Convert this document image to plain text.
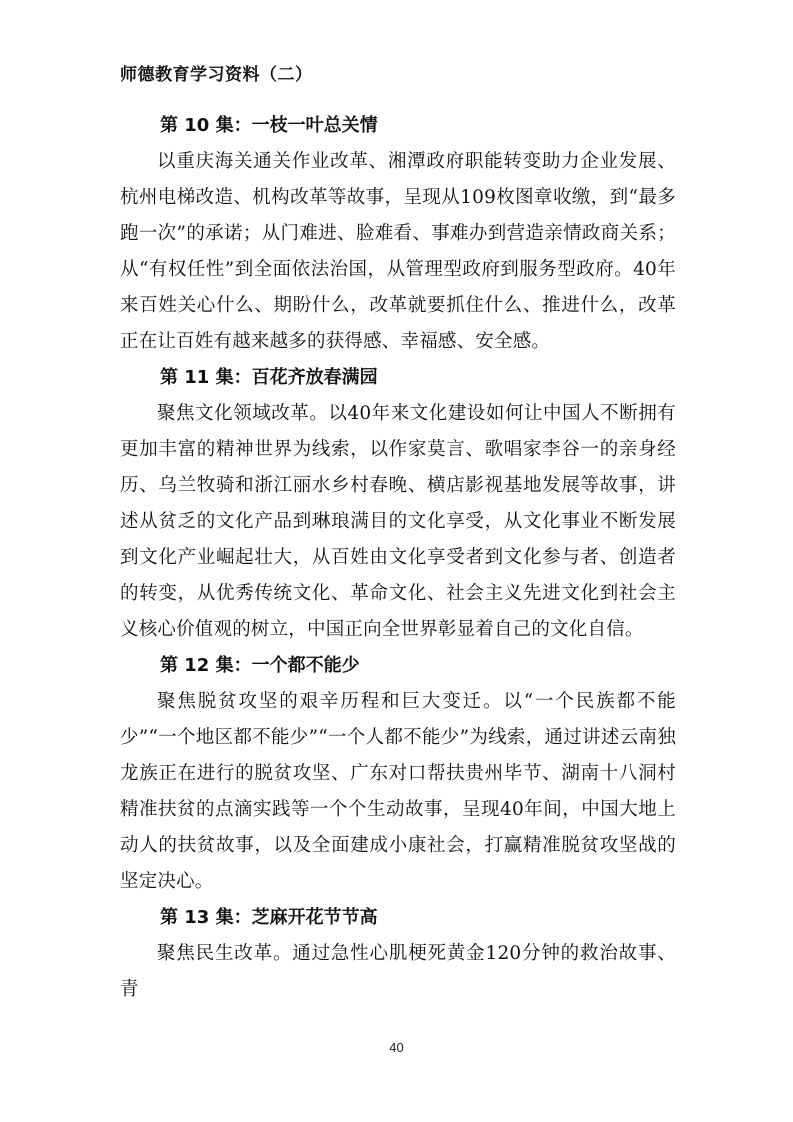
师德教育学习资料（二）
第 10 集：一枝一叶总关情

以重庆海关通关作业改革、湘潭政府职能转变助力企业发展、杭州电梯改造、机构改革等故事，呈现从109枚图章收缴，到“最多跑一次”的承诺；从门难进、脸难看、事难办到营造亲情政商关系；从“有权任性”到全面依法治国，从管理型政府到服务型政府。40年来百姓关心什么、期盼什么，改革就要抓住什么、推进什么，改革正在让百姓有越来越多的获得感、幸福感、安全感。

第 11 集：百花齐放春满园

聚焦文化领域改革。以40年来文化建设如何让中国人不断拥有更加丰富的精神世界为线索，以作家莫言、歌唱家李谷一的亲身经历、乌兰牧骑和浙江丽水乡村春晚、横店影视基地发展等故事，讲述从贫乏的文化产品到琳琅满目的文化享受，从文化事业不断发展到文化产业崛起壮大，从百姓由文化享受者到文化参与者、创造者的转变，从优秀传统文化、革命文化、社会主义先进文化到社会主义核心价值观的树立，中国正向全世界彰显着自己的文化自信。

第 12 集：一个都不能少

聚焦脱贫攻坚的艰辛历程和巨大变迁。以“一个民族都不能少”“一个地区都不能少”“一个人都不能少”为线索，通过讲述云南独龙族正在进行的脱贫攻坚、广东对口帮扶贵州毕节、湖南十八洞村精准扶贫的点滴实践等一个个生动故事，呈现40年间，中国大地上动人的扶贫故事，以及全面建成小康社会，打赢精准脱贫攻坚战的坚定决心。

第 13 集：芝麻开花节节高

聚焦民生改革。通过急性心肌梗死黄金120分钟的救治故事、青

40
